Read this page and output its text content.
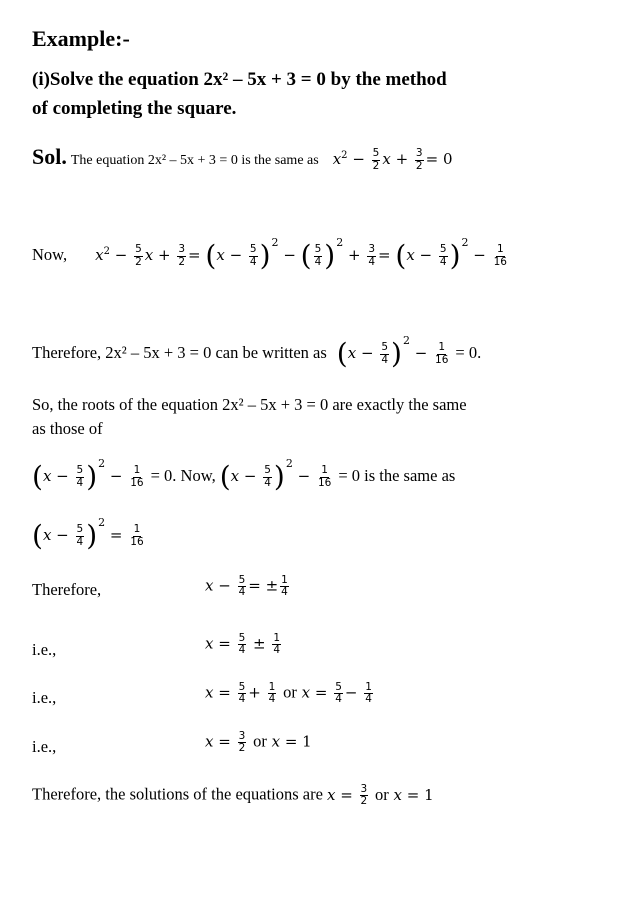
Example:-
(i)Solve the equation 2x² – 5x + 3 = 0 by the method
of completing the square.
Sol. The equation 2x² – 5x + 3 = 0 is the same as $x^2 - \frac{5}{2}$ $x + \frac{3}{2} = 0$
Now, $x^2 - \frac{5}{2}$ $x + \frac{3}{2} = (x - \frac{5}{4} )^2$ − ( $\frac{5}{4} )^2 + \frac{3}{4} = (x - \frac{5}{4} )^2 - \frac{1}{16}$
Therefore, 2x² – 5x + 3 = 0 can be written as $(x - \frac{5}{4} )^2 - \frac{1}{16} = 0$.
So, the roots of the equation 2x² – 5x + 3 = 0 are exactly the same
as those of
$(x - \frac{5}{4} )^2 - \frac{1}{16} = 0$. Now, $(x - \frac{5}{4} )^2 - \frac{1}{16} = 0$ is the same as
$(x - \frac{5}{4} )^2 = \frac{1}{16}$
Therefore,	$x - \frac{5}{4}$ = ± $\frac{1}{4}$
i.e.,	$x = \frac{5}{4} \pm \frac{1}{4}$
i.e.,	$x = \frac{5}{4} + \frac{1}{4}$ or $x = \frac{5}{4} - \frac{1}{4}$
i.e.,	$x = \frac{3}{2}$ or x = 1
Therefore, the solutions of the equations are $x = \frac{3}{2}$ or x = 1
